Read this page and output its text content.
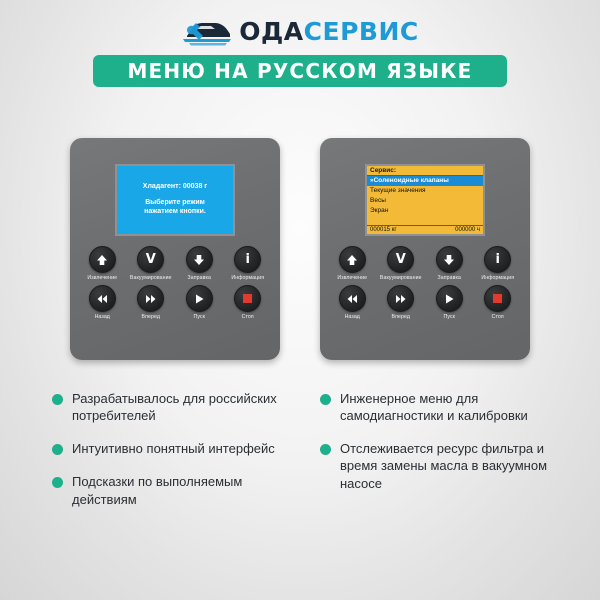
ОДАСЕРВИС
МЕНЮ НА РУССКОМ ЯЗЫКЕ
Хладагент: 00038 г
Выберите режим
нажатием кнопки.
Извлечение
V
Вакуумирование	Заправка
i
Информация
Назад	Вперед	Пуск	Стоп
Сервис:
»Соленоидные клапаны
Текущие значения
Весы
Экран
000015 кг	000000 ч
Извлечение
V
Вакуумирование	Заправка
i
Информация
Назад	Вперед	Пуск	Стоп
Разрабатывалось для российских потребителей
Интуитивно понятный интерфейс
Подсказки по выполняемым действиям
Инженерное меню для самодиагностики и калибровки
Отслеживается ресурс фильтра и время замены масла в вакуумном насосе
